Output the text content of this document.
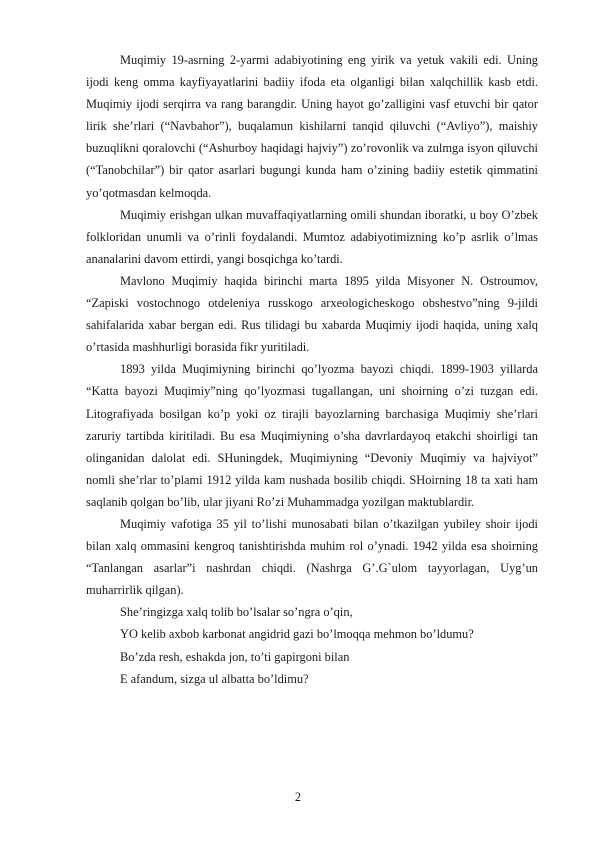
Muqimiy 19-asrning 2-yarmi adabiyotining eng yirik va yetuk vakili edi. Uning ijodi keng omma kayfiyayatlarini badiiy ifoda eta olganligi bilan xalqchillik kasb etdi. Muqimiy ijodi serqirra va rang barangdir. Uning hayot go’zalligini vasf etuvchi bir qator lirik she’rlari (“Navbahor”), buqalamun kishilarni tanqid qiluvchi (“Avliyo”), maishiy buzuqlikni qoralovchi (“Ashurboy haqidagi hajviy”) zo’rovonlik va zulmga isyon qiluvchi (“Tanobchilar”) bir qator asarlari bugungi kunda ham o’zining badiiy estetik qimmatini yo’qotmasdan kelmoqda.

Muqimiy erishgan ulkan muvaffaqiyatlarning omili shundan iboratki, u boy O’zbek folkloridan unumli va o’rinli foydalandi. Mumtoz adabiyotimizning ko’p asrlik o’lmas ananalarini davom ettirdi, yangi bosqichga ko’tardi.

Mavlono Muqimiy haqida birinchi marta 1895 yilda Misyoner N. Ostroumov, “Zapiski vostochnogo otdeleniya russkogo arxeologicheskogo obshestvo”ning 9-jildi sahifalarida xabar bergan edi. Rus tilidagi bu xabarda Muqimiy ijodi haqida, uning xalq o’rtasida mashhurligi borasida fikr yuritiladi.

1893 yilda Muqimiyning birinchi qo’lyozma bayozi chiqdi. 1899-1903 yillarda “Katta bayozi Muqimiy”ning qo’lyozmasi tugallangan, uni shoirning o’zi tuzgan edi. Litografiyada bosilgan ko’p yoki oz tirajli bayozlarning barchasiga Muqimiy she’rlari zaruriy tartibda kiritiladi. Bu esa Muqimiyning o’sha davrlardayoq etakchi shoirligi tan olinganidan dalolat edi. SHuningdek, Muqimiyning “Devoniy Muqimiy va hajviyot” nomli she’rlar to’plami 1912 yilda kam nushada bosilib chiqdi. SHoirning 18 ta xati ham saqlanib qolgan bo’lib, ular jiyani Ro’zi Muhammadga yozilgan maktublardir.

Muqimiy vafotiga 35 yil to’lishi munosabati bilan o’tkazilgan yubiley shoir ijodi bilan xalq ommasini kengroq tanishtirishda muhim rol o’ynadi. 1942 yilda esa shoirning “Tanlangan asarlar”i nashrdan chiqdi. (Nashrga G’.G`ulom tayyorlagan, Uyg’un muharrirlik qilgan).

She’ringizga xalq tolib bo’lsalar so’ngra o’qin,

YO kelib axbob karbonat angidrid gazi bo’lmoqqa mehmon bo’ldumu?

Bo’zda resh, eshakda jon, to’ti gapirgoni bilan

E afandum, sizga ul albatta bo’ldimu?

2
